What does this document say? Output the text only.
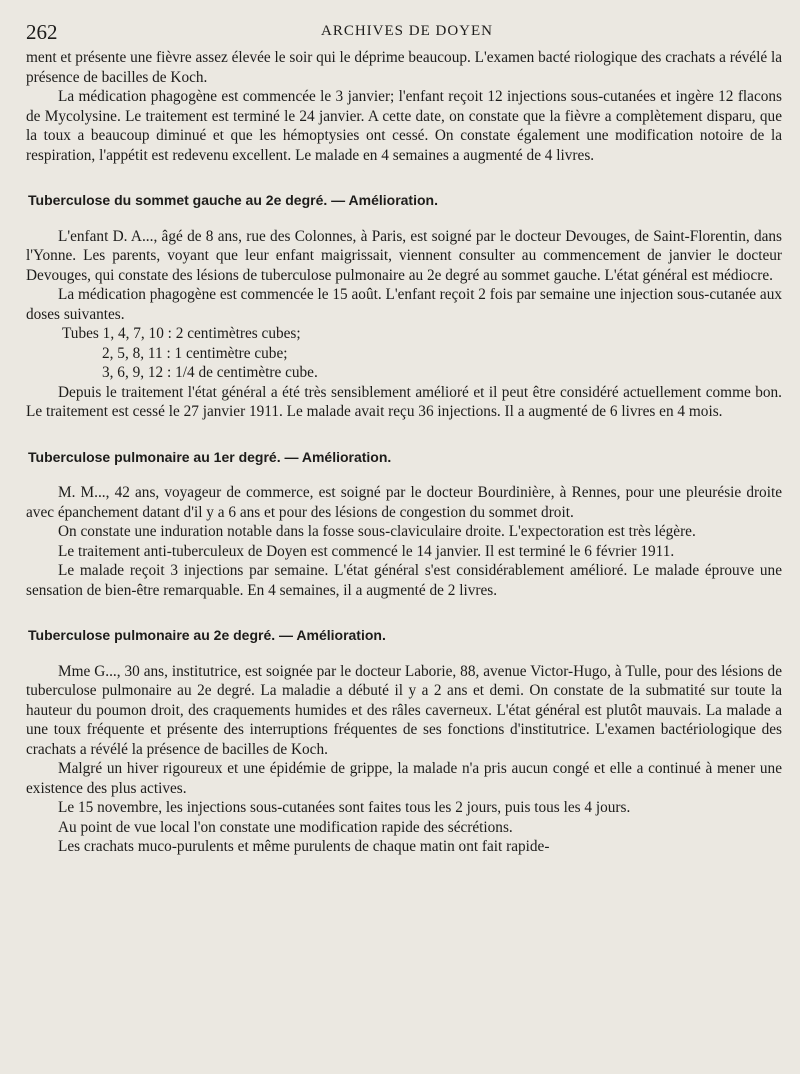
262	ARCHIVES DE DOYEN

ment et présente une fièvre assez élevée le soir qui le déprime beaucoup. L'examen bacté riologique des crachats a révélé la présence de bacilles de Koch.

La médication phagogène est commencée le 3 janvier; l'enfant reçoit 12 injections sous-cutanées et ingère 12 flacons de Mycolysine. Le traitement est terminé le 24 janvier. A cette date, on constate que la fièvre a complètement disparu, que la toux a beaucoup diminué et que les hémoptysies ont cessé. On constate également une modification notoire de la respiration, l'appétit est redevenu excellent. Le malade en 4 semaines a augmenté de 4 livres.

Tuberculose du sommet gauche au 2e degré. — Amélioration.

L'enfant D. A..., âgé de 8 ans, rue des Colonnes, à Paris, est soigné par le docteur Devouges, de Saint-Florentin, dans l'Yonne. Les parents, voyant que leur enfant maigrissait, viennent consulter au commencement de janvier le docteur Devouges, qui constate des lésions de tuberculose pulmonaire au 2e degré au sommet gauche. L'état général est médiocre.

La médication phagogène est commencée le 15 août. L'enfant reçoit 2 fois par semaine une injection sous-cutanée aux doses suivantes.

Tubes 1, 4, 7, 10 : 2 centimètres cubes;
2, 5, 8, 11 : 1 centimètre cube;
3, 6, 9, 12 : 1/4 de centimètre cube.

Depuis le traitement l'état général a été très sensiblement amélioré et il peut être considéré actuellement comme bon. Le traitement est cessé le 27 janvier 1911. Le malade avait reçu 36 injections. Il a augmenté de 6 livres en 4 mois.

Tuberculose pulmonaire au 1er degré. — Amélioration.

M. M..., 42 ans, voyageur de commerce, est soigné par le docteur Bourdinière, à Rennes, pour une pleurésie droite avec épanchement datant d'il y a 6 ans et pour des lésions de congestion du sommet droit.

On constate une induration notable dans la fosse sous-claviculaire droite. L'expectoration est très légère.

Le traitement anti-tuberculeux de Doyen est commencé le 14 janvier. Il est terminé le 6 février 1911.

Le malade reçoit 3 injections par semaine. L'état général s'est considérablement amélioré. Le malade éprouve une sensation de bien-être remarquable. En 4 semaines, il a augmenté de 2 livres.

Tuberculose pulmonaire au 2e degré. — Amélioration.

Mme G..., 30 ans, institutrice, est soignée par le docteur Laborie, 88, avenue Victor-Hugo, à Tulle, pour des lésions de tuberculose pulmonaire au 2e degré. La maladie a débuté il y a 2 ans et demi. On constate de la submatité sur toute la hauteur du poumon droit, des craquements humides et des râles caverneux. L'état général est plutôt mauvais. La malade a une toux fréquente et présente des interruptions fréquentes de ses fonctions d'institutrice. L'examen bactériologique des crachats a révélé la présence de bacilles de Koch.

Malgré un hiver rigoureux et une épidémie de grippe, la malade n'a pris aucun congé et elle a continué à mener une existence des plus actives.

Le 15 novembre, les injections sous-cutanées sont faites tous les 2 jours, puis tous les 4 jours.

Au point de vue local l'on constate une modification rapide des sécrétions.

Les crachats muco-purulents et même purulents de chaque matin ont fait rapide-
